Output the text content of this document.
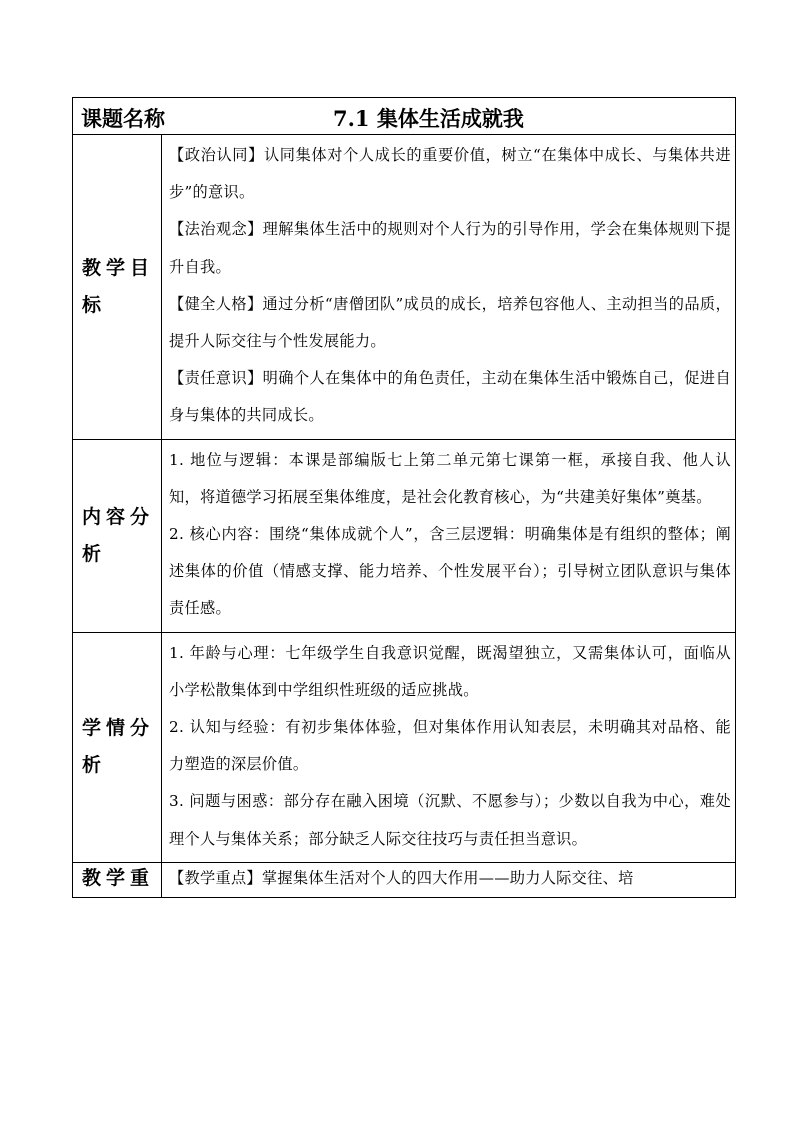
课题名称 7.1 集体生活成就我	

教学目标	【政治认同】认同集体对个人成长的重要价值，树立“在集体中成长、与集体共进步”的意识。

【法治观念】理解集体生活中的规则对个人行为的引导作用，学会在集体规则下提升自我。

【健全人格】通过分析“唐僧团队”成员的成长，培养包容他人、主动担当的品质，提升人际交往与个性发展能力。

【责任意识】明确个人在集体中的角色责任，主动在集体生活中锻炼自己，促进自身与集体的共同成长。

内容分析	1. 地位与逻辑：本课是部编版七上第二单元第七课第一框，承接自我、他人认知，将道德学习拓展至集体维度，是社会化教育核心，为“共建美好集体”奠基。

2. 核心内容：围绕“集体成就个人”，含三层逻辑：明确集体是有组织的整体；阐述集体的价值（情感支撑、能力培养、个性发展平台）；引导树立团队意识与集体责任感。

学情分析	1. 年龄与心理：七年级学生自我意识觉醒，既渴望独立，又需集体认可，面临从小学松散集体到中学组织性班级的适应挑战。

2. 认知与经验：有初步集体体验，但对集体作用认知表层，未明确其对品格、能力塑造的深层价值。

3. 问题与困惑：部分存在融入困境（沉默、不愿参与）；少数以自我为中心，难处理个人与集体关系；部分缺乏人际交往技巧与责任担当意识。

教学重	【教学重点】掌握集体生活对个人的四大作用——助力人际交往、培
